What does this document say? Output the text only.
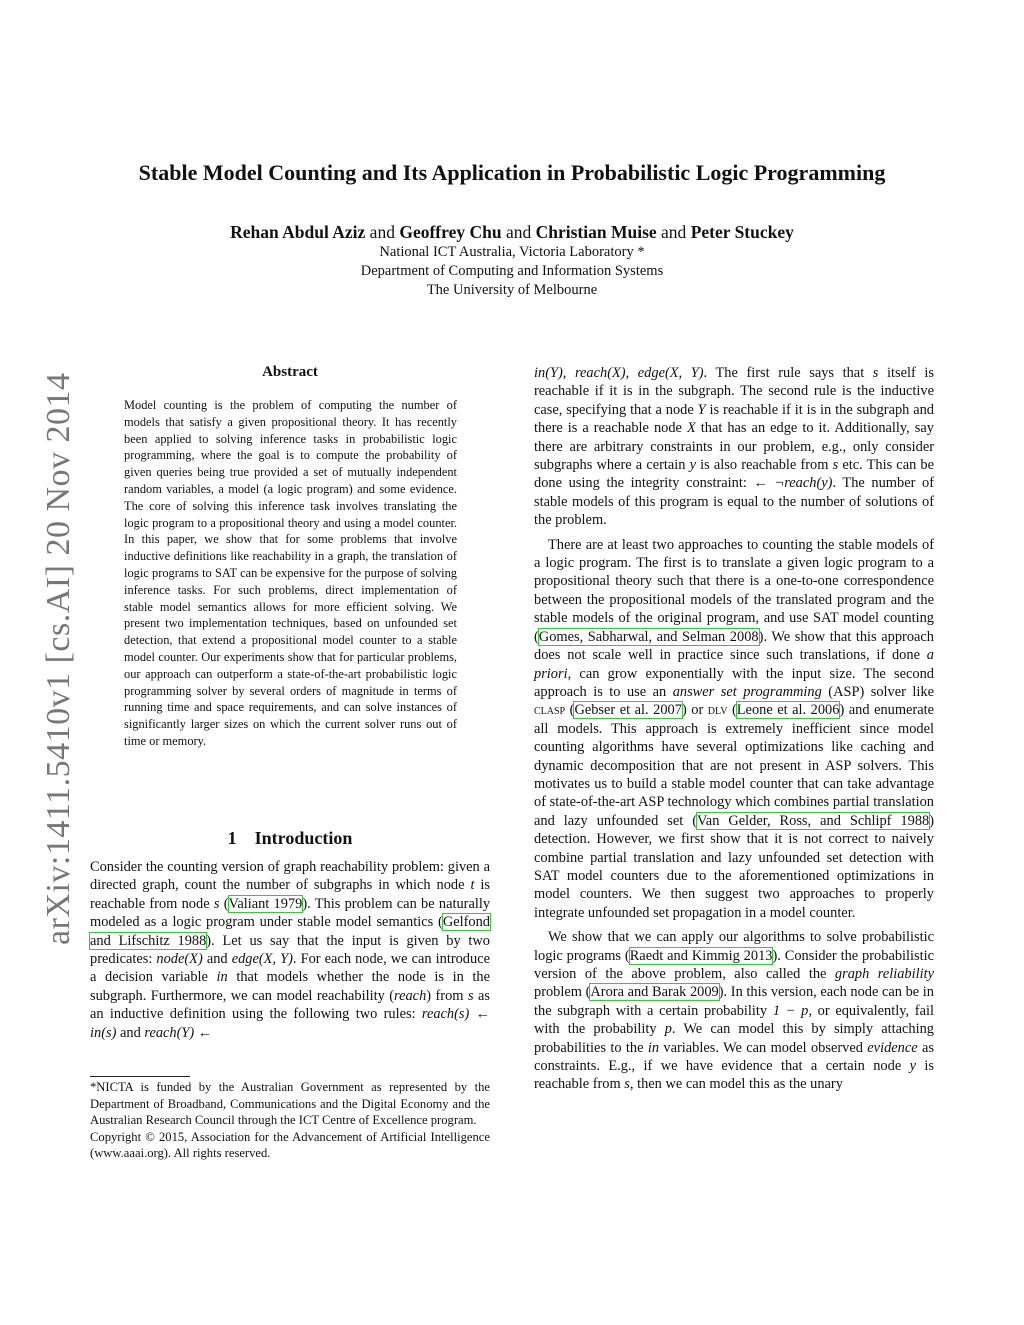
arXiv:1411.5410v1 [cs.AI] 20 Nov 2014
Stable Model Counting and Its Application in Probabilistic Logic Programming
Rehan Abdul Aziz and Geoffrey Chu and Christian Muise and Peter Stuckey
National ICT Australia, Victoria Laboratory *
Department of Computing and Information Systems
The University of Melbourne
Abstract

Model counting is the problem of computing the number of models that satisfy a given propositional theory. It has recently been applied to solving inference tasks in probabilistic logic programming, where the goal is to compute the probability of given queries being true provided a set of mutually independent random variables, a model (a logic program) and some evidence. The core of solving this inference task involves translating the logic program to a propositional theory and using a model counter. In this paper, we show that for some problems that involve inductive definitions like reachability in a graph, the translation of logic programs to SAT can be expensive for the purpose of solving inference tasks. For such problems, direct implementation of stable model semantics allows for more efficient solving. We present two implementation techniques, based on unfounded set detection, that extend a propositional model counter to a stable model counter. Our experiments show that for particular problems, our approach can outperform a state-of-the-art probabilistic logic programming solver by several orders of magnitude in terms of running time and space requirements, and can solve instances of significantly larger sizes on which the current solver runs out of time or memory.

1 Introduction

Consider the counting version of graph reachability problem: given a directed graph, count the number of subgraphs in which node t is reachable from node s (Valiant 1979). This problem can be naturally modeled as a logic program under stable model semantics (Gelfond and Lifschitz 1988). Let us say that the input is given by two predicates: node(X) and edge(X, Y). For each node, we can introduce a decision variable in that models whether the node is in the subgraph. Furthermore, we can model reachability (reach) from s as an inductive definition using the following two rules: reach(s) ← in(s) and reach(Y) ←

*NICTA is funded by the Australian Government as represented by the Department of Broadband, Communications and the Digital Economy and the Australian Research Council through the ICT Centre of Excellence program.

Copyright © 2015, Association for the Advancement of Artificial Intelligence (www.aaai.org). All rights reserved.

in(Y), reach(X), edge(X, Y). The first rule says that s itself is reachable if it is in the subgraph. The second rule is the inductive case, specifying that a node Y is reachable if it is in the subgraph and there is a reachable node X that has an edge to it. Additionally, say there are arbitrary constraints in our problem, e.g., only consider subgraphs where a certain y is also reachable from s etc. This can be done using the integrity constraint: ← ¬reach(y). The number of stable models of this program is equal to the number of solutions of the problem.

There are at least two approaches to counting the stable models of a logic program. The first is to translate a given logic program to a propositional theory such that there is a one-to-one correspondence between the propositional models of the translated program and the stable models of the original program, and use SAT model counting (Gomes, Sabharwal, and Selman 2008). We show that this approach does not scale well in practice since such translations, if done a priori, can grow exponentially with the input size. The second approach is to use an answer set programming (ASP) solver like clasp (Gebser et al. 2007) or dlv (Leone et al. 2006) and enumerate all models. This approach is extremely inefficient since model counting algorithms have several optimizations like caching and dynamic decomposition that are not present in ASP solvers. This motivates us to build a stable model counter that can take advantage of state-of-the-art ASP technology which combines partial translation and lazy unfounded set (Van Gelder, Ross, and Schlipf 1988) detection. However, we first show that it is not correct to naively combine partial translation and lazy unfounded set detection with SAT model counters due to the aforementioned optimizations in model counters. We then suggest two approaches to properly integrate unfounded set propagation in a model counter.

We show that we can apply our algorithms to solve probabilistic logic programs (Raedt and Kimmig 2013). Consider the probabilistic version of the above problem, also called the graph reliability problem (Arora and Barak 2009). In this version, each node can be in the subgraph with a certain probability 1 − p, or equivalently, fail with the probability p. We can model this by simply attaching probabilities to the in variables. We can model observed evidence as constraints. E.g., if we have evidence that a certain node y is reachable from s, then we can model this as the unary
